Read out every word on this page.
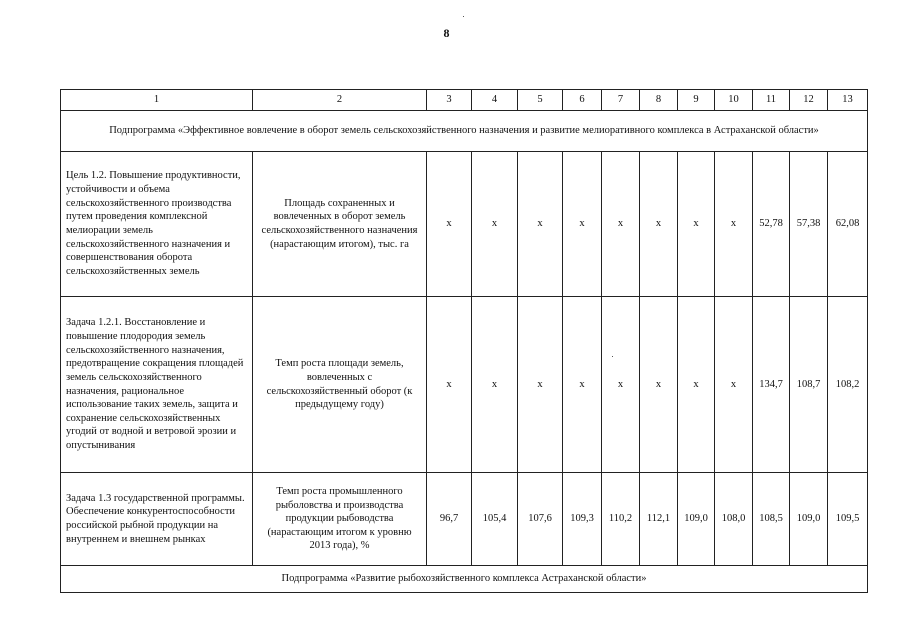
8
1	2	3	4	5	6	7	8	9	10	11	12	13
Подпрограмма «Эффективное вовлечение в оборот земель сельскохозяйственного назначения и развитие мелиоративного комплекса в Астраханской области»												
Цель 1.2. Повышение продуктивности, устойчивости и объема сельскохозяйственного производства путем проведения комплексной мелиорации земель сельскохозяйственного назначения и совершенствования оборота сельскохозяйственных земель	Площадь сохраненных и вовлеченных в оборот земель сельскохозяйственного назначения (нарастающим итогом), тыс. га	x	x	x	x	x	x	x	x	52,78	57,38	62,08
Задача 1.2.1. Восстановление и повышение плодородия земель сельскохозяйственного назначения, предотвращение сокращения площадей земель сельскохозяйственного назначения, рациональное использование таких земель, защита и сохранение сельскохозяйственных угодий от водной и ветровой эрозии и опустынивания	Темп роста площади земель, вовлеченных с сельскохозяйственный оборот (к предыдущему году)	x	x	x	x	x	x	x	x	134,7	108,7	108,2
Задача 1.3 государственной программы. Обеспечение конкурентоспособности российской рыбной продукции на внутреннем и внешнем рынках	Темп роста промышленного рыболовства и производства продукции рыбоводства (нарастающим итогом к уровню 2013 года), %	96,7	105,4	107,6	109,3	110,2	112,1	109,0	108,0	108,5	109,0	109,5
Подпрограмма «Развитие рыбохозяйственного комплекса Астраханской области»												
